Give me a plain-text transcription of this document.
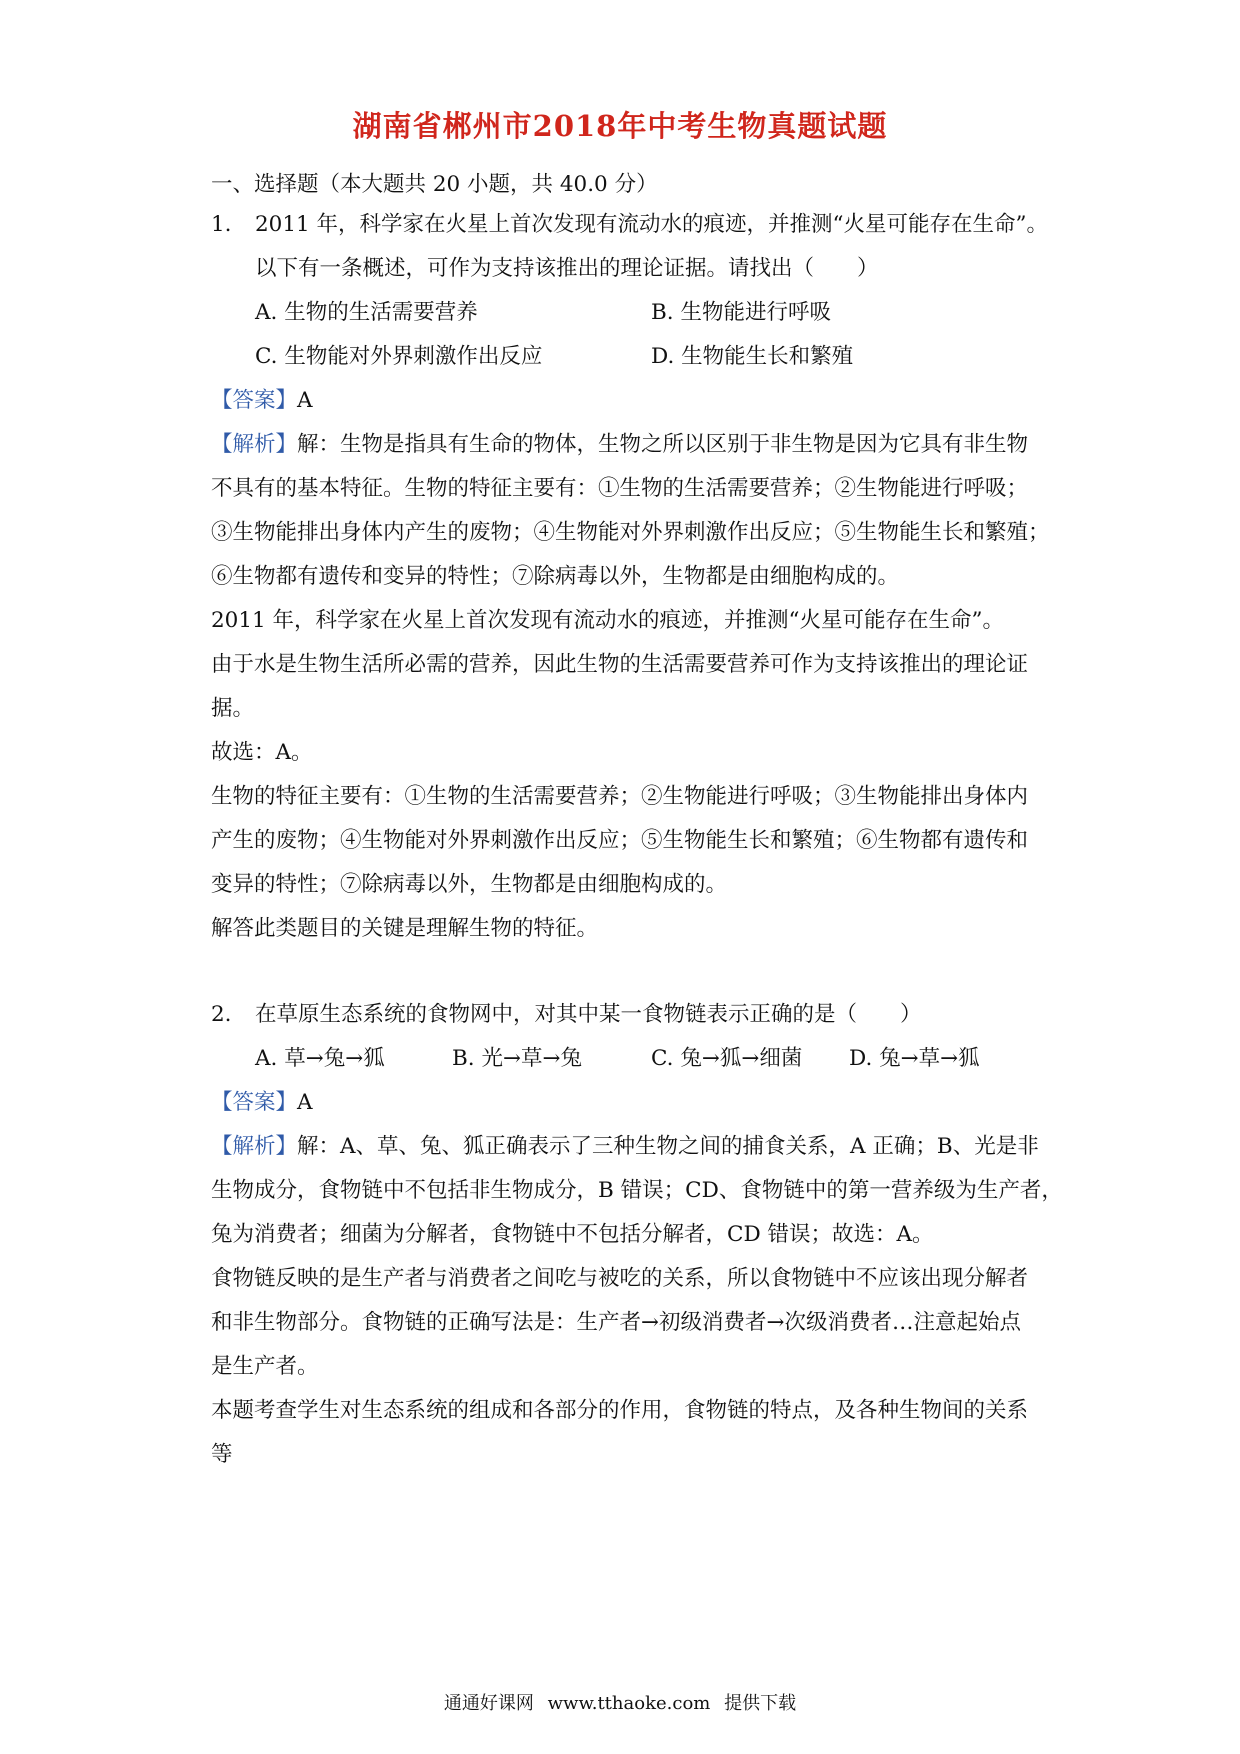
湖南省郴州市2018年中考生物真题试题
一、选择题（本大题共 20 小题，共 40.0 分）
1. 2011 年，科学家在火星上首次发现有流动水的痕迹，并推测“火星可能存在生命”。
以下有一条概述，可作为支持该推出的理论证据。请找出（　　）
A. 生物的生活需要营养	B. 生物能进行呼吸
C. 生物能对外界刺激作出反应	D. 生物能生长和繁殖
【答案】A
【解析】解：生物是指具有生命的物体，生物之所以区别于非生物是因为它具有非生物
不具有的基本特征。生物的特征主要有：①生物的生活需要营养；②生物能进行呼吸；
③生物能排出身体内产生的废物；④生物能对外界刺激作出反应；⑤生物能生长和繁殖；
⑥生物都有遗传和变异的特性；⑦除病毒以外，生物都是由细胞构成的。
2011 年，科学家在火星上首次发现有流动水的痕迹，并推测“火星可能存在生命”。
由于水是生物生活所必需的营养，因此生物的生活需要营养可作为支持该推出的理论证
据。
故选：A。
生物的特征主要有：①生物的生活需要营养；②生物能进行呼吸；③生物能排出身体内
产生的废物；④生物能对外界刺激作出反应；⑤生物能生长和繁殖；⑥生物都有遗传和
变异的特性；⑦除病毒以外，生物都是由细胞构成的。
解答此类题目的关键是理解生物的特征。
2. 在草原生态系统的食物网中，对其中某一食物链表示正确的是（　　）
A. 草→兔→狐	B. 光→草→兔	C. 兔→狐→细菌 D. 兔→草→狐
【答案】A
【解析】解：A、草、兔、狐正确表示了三种生物之间的捕食关系，A 正确；B、光是非
生物成分，食物链中不包括非生物成分，B 错误；CD、食物链中的第一营养级为生产者，
兔为消费者；细菌为分解者，食物链中不包括分解者，CD 错误；故选：A。
食物链反映的是生产者与消费者之间吃与被吃的关系，所以食物链中不应该出现分解者
和非生物部分。食物链的正确写法是：生产者→初级消费者→次级消费者…注意起始点
是生产者。
本题考查学生对生态系统的组成和各部分的作用，食物链的特点，及各种生物间的关系
等
通通好课网 www.tthaoke.com 提供下载
